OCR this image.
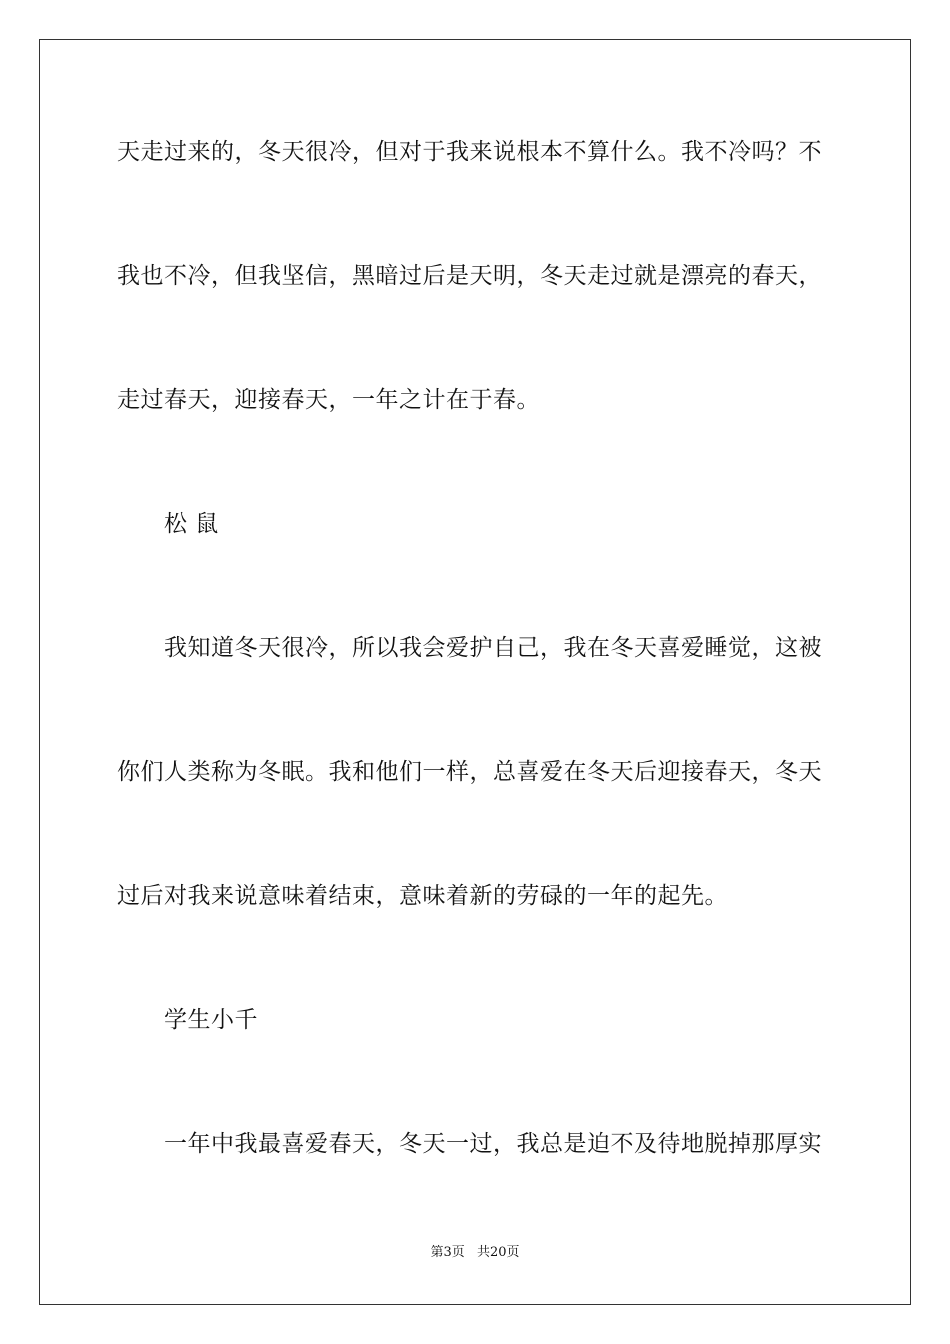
天走过来的，冬天很冷，但对于我来说根本不算什么。我不冷吗？不
我也不冷，但我坚信，黑暗过后是天明，冬天走过就是漂亮的春天，
走过春天，迎接春天，一年之计在于春。
松 鼠
我知道冬天很冷，所以我会爱护自己，我在冬天喜爱睡觉，这被
你们人类称为冬眠。我和他们一样，总喜爱在冬天后迎接春天，冬天
过后对我来说意味着结束，意味着新的劳碌的一年的起先。
学生小千
一年中我最喜爱春天，冬天一过，我总是迫不及待地脱掉那厚实
第3页 共20页
